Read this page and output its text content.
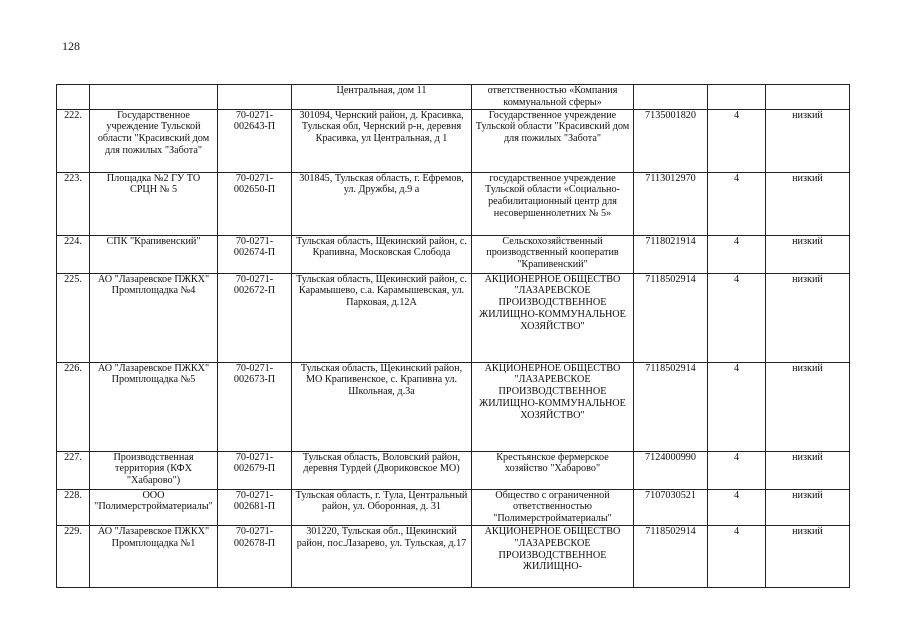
128
			Центральная, дом 11	ответственностью «Компания коммунальной сферы»			
222.	Государственное учреждение Тульской области "Красивский дом для пожилых "Забота"	70-0271-002643-П	301094, Чернский район, д. Красивка, Тульская обл, Чернский р-н, деревня Красивка, ул Центральная, д 1	Государственное учреждение Тульской области "Красивский дом для пожилых "Забота"	7135001820	4	низкий
223.	Площадка №2 ГУ ТО СРЦН № 5	70-0271-002650-П	301845, Тульская область, г. Ефремов, ул. Дружбы, д.9 а	государственное учреждение Тульской области «Социально-реабилитационный центр для несовершеннолетних № 5»	7113012970	4	низкий
224.	СПК "Крапивенский"	70-0271-002674-П	Тульская область, Щекинский район, с. Крапивна, Московская Слобода	Сельскохозяйственный производственный кооператив "Крапивенский"	7118021914	4	низкий
225.	АО "Лазаревское ПЖКХ" Промплощадка №4	70-0271-002672-П	Тульская область, Щекинский район, с. Карамышево, с.а. Карамышевская, ул. Парковая, д.12А	АКЦИОНЕРНОЕ ОБЩЕСТВО "ЛАЗАРЕВСКОЕ ПРОИЗВОДСТВЕННОЕ ЖИЛИЩНО-КОММУНАЛЬНОЕ ХОЗЯЙСТВО"	7118502914	4	низкий
226.	АО "Лазаревское ПЖКХ" Промплощадка №5	70-0271-002673-П	Тульская область, Щекинский район, МО Крапивенское, с. Крапивна ул. Школьная, д.3а	АКЦИОНЕРНОЕ ОБЩЕСТВО "ЛАЗАРЕВСКОЕ ПРОИЗВОДСТВЕННОЕ ЖИЛИЩНО-КОММУНАЛЬНОЕ ХОЗЯЙСТВО"	7118502914	4	низкий
227.	Производственная территория (КФХ "Хабарово")	70-0271-002679-П	Тульская область, Воловский район, деревня Турдей (Двориковское МО)	Крестьянское фермерское хозяйство "Хабарово"	7124000990	4	низкий
228.	ООО "Полимерстройматериалы"	70-0271-002681-П	Тульская область, г. Тула, Центральный район, ул. Оборонная, д. 31	Общество с ограниченной ответственностью "Полимерстройматериалы"	7107030521	4	низкий
229.	АО "Лазаревское ПЖКХ" Промплощадка №1	70-0271-002678-П	301220, Тульская обл., Щекинский район, пос.Лазарево, ул. Тульская, д.17	АКЦИОНЕРНОЕ ОБЩЕСТВО "ЛАЗАРЕВСКОЕ ПРОИЗВОДСТВЕННОЕ ЖИЛИЩНО-	7118502914	4	низкий
